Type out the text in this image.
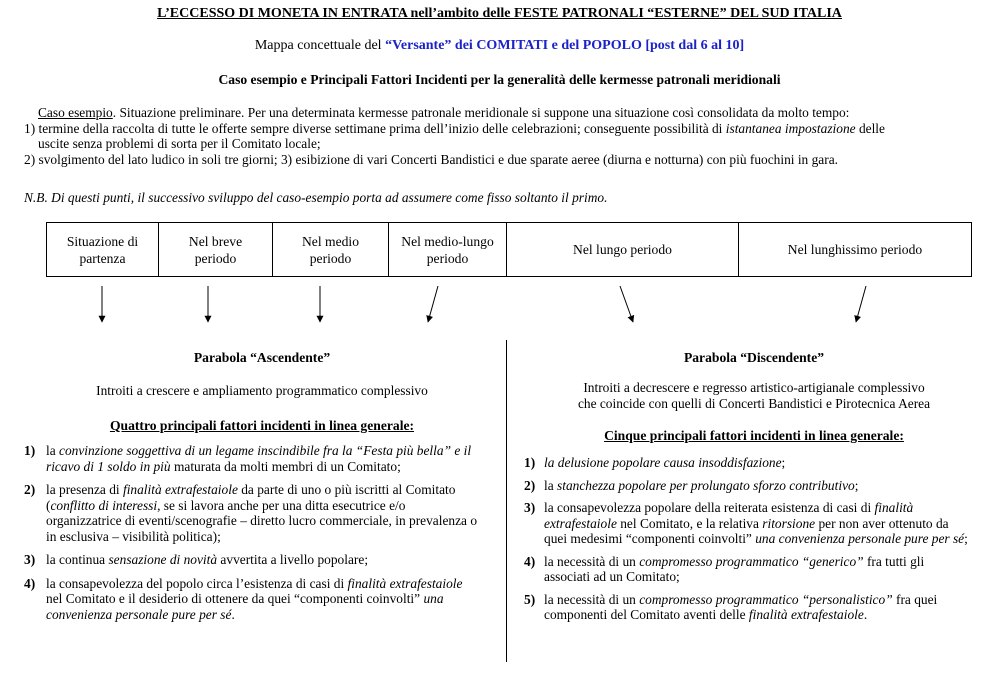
L’ECCESSO DI MONETA IN ENTRATA nell’ambito delle FESTE PATRONALI “ESTERNE” DEL SUD ITALIA
Mappa concettuale del “Versante” dei COMITATI e del POPOLO [post dal 6 al 10]
Caso esempio e Principali Fattori Incidenti per la generalità delle kermesse patronali meridionali

Caso esempio. Situazione preliminare. Per una determinata kermesse patronale meridionale si suppone una situazione così consolidata da molto tempo:

1) termine della raccolta di tutte le offerte sempre diverse settimane prima dell’inizio delle celebrazioni; conseguente possibilità di istantanea impostazione delle

uscite senza problemi di sorta per il Comitato locale;

2) svolgimento del lato ludico in soli tre giorni; 3) esibizione di vari Concerti Bandistici e due sparate aeree (diurna e notturna) con più fuochini in gara.

N.B. Di questi punti, il successivo sviluppo del caso-esempio porta ad assumere come fisso soltanto il primo.
Situazione di partenza
Nel breve periodo
Nel medio periodo
Nel medio-lungo periodo
Nel lungo periodo	Nel lunghissimo periodo
Parabola “Ascendente”
Introiti a crescere e ampliamento programmatico complessivo
Quattro principali fattori incidenti in linea generale:
1) la convinzione soggettiva di un legame inscindibile fra la “Festa più bella” e il ricavo di 1 soldo in più maturata da molti membri di un Comitato;
2) la presenza di finalità extrafestaiole da parte di uno o più iscritti al Comitato (conflitto di interessi, se si lavora anche per una ditta esecutrice e/o organizzatrice di eventi/scenografie – diretto lucro commerciale, in prevalenza o in esclusiva – visibilità politica);
3) la continua sensazione di novità avvertita a livello popolare;
4) la consapevolezza del popolo circa l’esistenza di casi di finalità extrafestaiole nel Comitato e il desiderio di ottenere da quei “componenti coinvolti” una convenienza personale pure per sé.
Parabola “Discendente”
Introiti a decrescere e regresso artistico-artigianale complessivo
che coincide con quelli di Concerti Bandistici e Pirotecnica Aerea
Cinque principali fattori incidenti in linea generale:
1) la delusione popolare causa insoddisfazione;
2) la stanchezza popolare per prolungato sforzo contributivo;
3) la consapevolezza popolare della reiterata esistenza di casi di finalità extrafestaiole nel Comitato, e la relativa ritorsione per non aver ottenuto da quei medesimi “componenti coinvolti” una convenienza personale pure per sé;
4) la necessità di un compromesso programmatico “generico” fra tutti gli associati ad un Comitato;
5) la necessità di un compromesso programmatico “personalistico” fra quei componenti del Comitato aventi delle finalità extrafestaiole.
